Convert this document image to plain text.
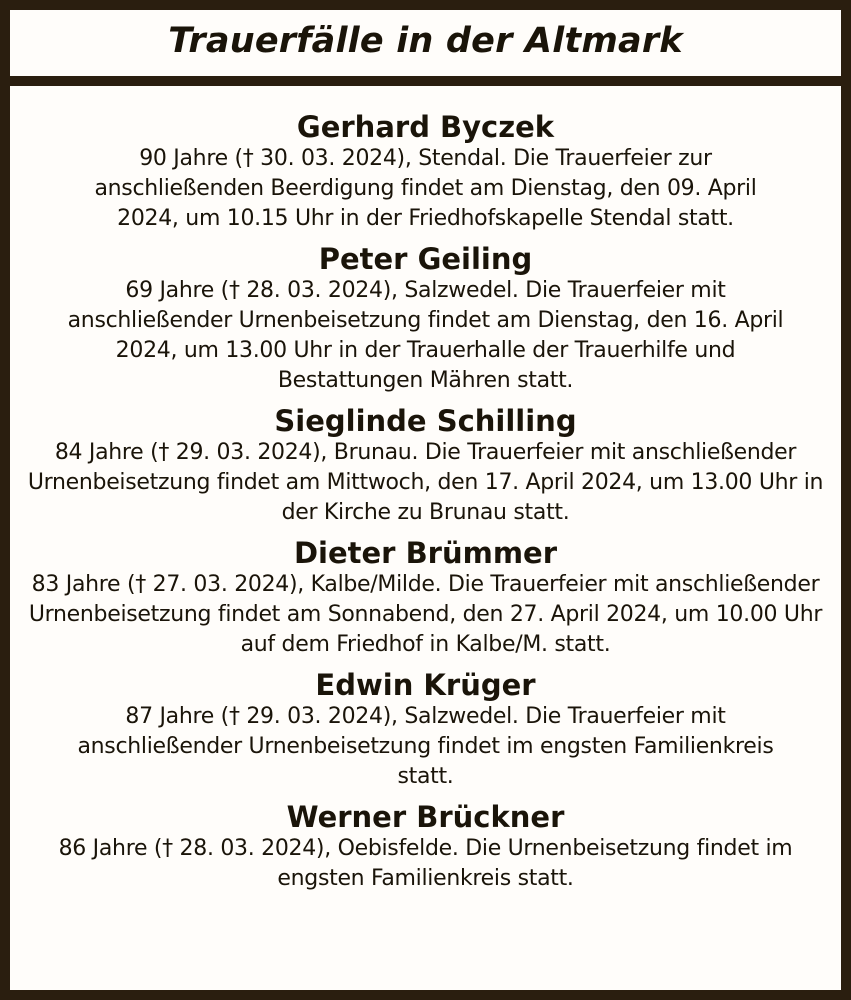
Trauerfälle in der Altmark
Gerhard Byczek
90 Jahre († 30. 03. 2024), Stendal. Die Trauerfeier zur anschließenden Beerdigung findet am Dienstag, den 09. April 2024, um 10.15 Uhr in der Friedhofskapelle Stendal statt.
Peter Geiling
69 Jahre († 28. 03. 2024), Salzwedel. Die Trauerfeier mit anschließender Urnenbeisetzung findet am Dienstag, den 16. April 2024, um 13.00 Uhr in der Trauerhalle der Trauerhilfe und Bestattungen Mähren statt.
Sieglinde Schilling
84 Jahre († 29. 03. 2024), Brunau. Die Trauerfeier mit anschließender Urnenbeisetzung findet am Mittwoch, den 17. April 2024, um 13.00 Uhr in der Kirche zu Brunau statt.
Dieter Brümmer
83 Jahre († 27. 03. 2024), Kalbe/Milde. Die Trauerfeier mit anschließender Urnenbeisetzung findet am Sonnabend, den 27. April 2024, um 10.00 Uhr auf dem Friedhof in Kalbe/M. statt.
Edwin Krüger
87 Jahre († 29. 03. 2024), Salzwedel. Die Trauerfeier mit anschließender Urnenbeisetzung findet im engsten Familienkreis statt.
Werner Brückner
86 Jahre († 28. 03. 2024), Oebisfelde. Die Urnenbeisetzung findet im engsten Familienkreis statt.
